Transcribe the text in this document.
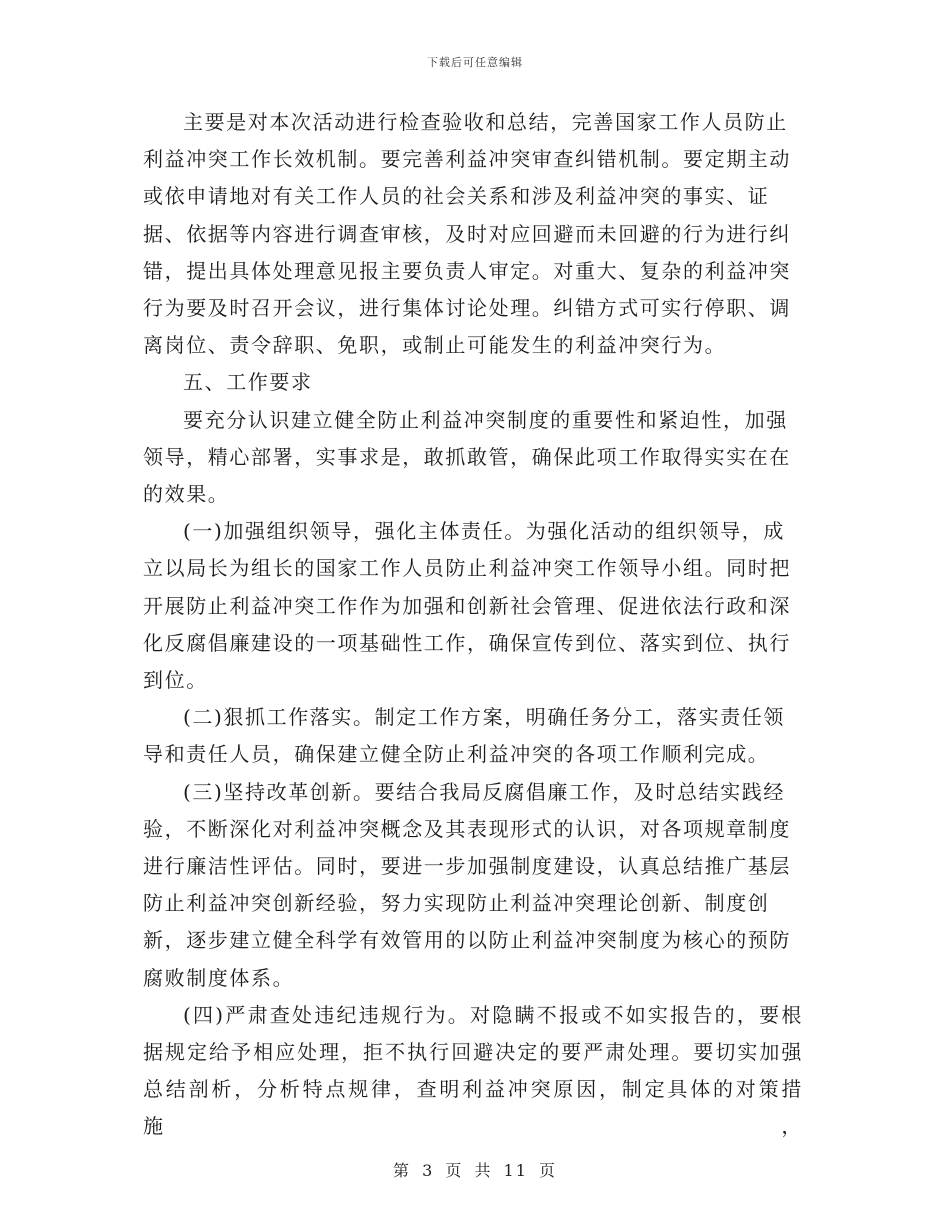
下载后可任意编辑

主要是对本次活动进行检查验收和总结，完善国家工作人员防止利益冲突工作长效机制。要完善利益冲突审查纠错机制。要定期主动或依申请地对有关工作人员的社会关系和涉及利益冲突的事实、证据、依据等内容进行调查审核，及时对应回避而未回避的行为进行纠错，提出具体处理意见报主要负责人审定。对重大、复杂的利益冲突行为要及时召开会议，进行集体讨论处理。纠错方式可实行停职、调离岗位、责令辞职、免职，或制止可能发生的利益冲突行为。

五、工作要求

要充分认识建立健全防止利益冲突制度的重要性和紧迫性，加强领导，精心部署，实事求是，敢抓敢管，确保此项工作取得实实在在的效果。

(一)加强组织领导，强化主体责任。为强化活动的组织领导，成立以局长为组长的国家工作人员防止利益冲突工作领导小组。同时把开展防止利益冲突工作作为加强和创新社会管理、促进依法行政和深化反腐倡廉建设的一项基础性工作，确保宣传到位、落实到位、执行到位。

(二)狠抓工作落实。制定工作方案，明确任务分工，落实责任领导和责任人员，确保建立健全防止利益冲突的各项工作顺利完成。

(三)坚持改革创新。要结合我局反腐倡廉工作，及时总结实践经验，不断深化对利益冲突概念及其表现形式的认识，对各项规章制度进行廉洁性评估。同时，要进一步加强制度建设，认真总结推广基层防止利益冲突创新经验，努力实现防止利益冲突理论创新、制度创新，逐步建立健全科学有效管用的以防止利益冲突制度为核心的预防腐败制度体系。

(四)严肃查处违纪违规行为。对隐瞒不报或不如实报告的，要根据规定给予相应处理，拒不执行回避决定的要严肃处理。要切实加强总结剖析，分析特点规律，查明利益冲突原因，制定具体的对策措施，

第 3 页 共 11 页
